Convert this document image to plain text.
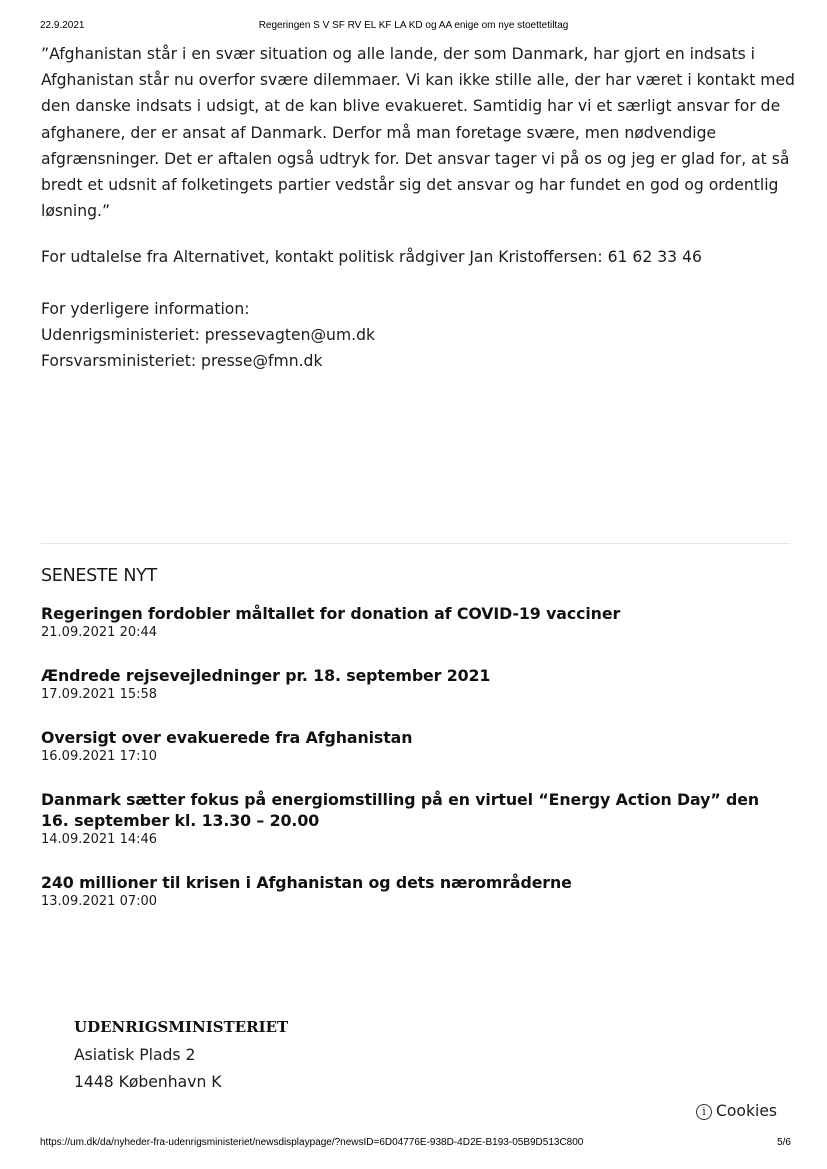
22.9.2021	Regeringen S V SF RV EL KF LA KD og AA enige om nye stoettetiltag

”Afghanistan står i en svær situation og alle lande, der som Danmark, har gjort en indsats i Afghanistan står nu overfor svære dilemmaer. Vi kan ikke stille alle, der har været i kontakt med den danske indsats i udsigt, at de kan blive evakueret. Samtidig har vi et særligt ansvar for de afghanere, der er ansat af Danmark. Derfor må man foretage svære, men nødvendige afgrænsninger. Det er aftalen også udtryk for. Det ansvar tager vi på os og jeg er glad for, at så bredt et udsnit af folketingets partier vedstår sig det ansvar og har fundet en god og ordentlig løsning.”

For udtalelse fra Alternativet, kontakt politisk rådgiver Jan Kristoffersen: 61 62 33 46

For yderligere information:
Udenrigsministeriet: pressevagten@um.dk
Forsvarsministeriet: presse@fmn.dk
SENESTE NYT
Regeringen fordobler måltallet for donation af COVID-19 vacciner
21.09.2021 20:44
Ændrede rejsevejledninger pr. 18. september 2021
17.09.2021 15:58
Oversigt over evakuerede fra Afghanistan
16.09.2021 17:10
Danmark sætter fokus på energiomstilling på en virtuel “Energy Action Day” den 16. september kl. 13.30 – 20.00
14.09.2021 14:46
240 millioner til krisen i Afghanistan og dets nærområderne
13.09.2021 07:00
UDENRIGSMINISTERIET
Asiatisk Plads 2
1448 København K
i Cookies
https://um.dk/da/nyheder-fra-udenrigsministeriet/newsdisplaypage/?newsID=6D04776E-938D-4D2E-B193-05B9D513C800	5/6
